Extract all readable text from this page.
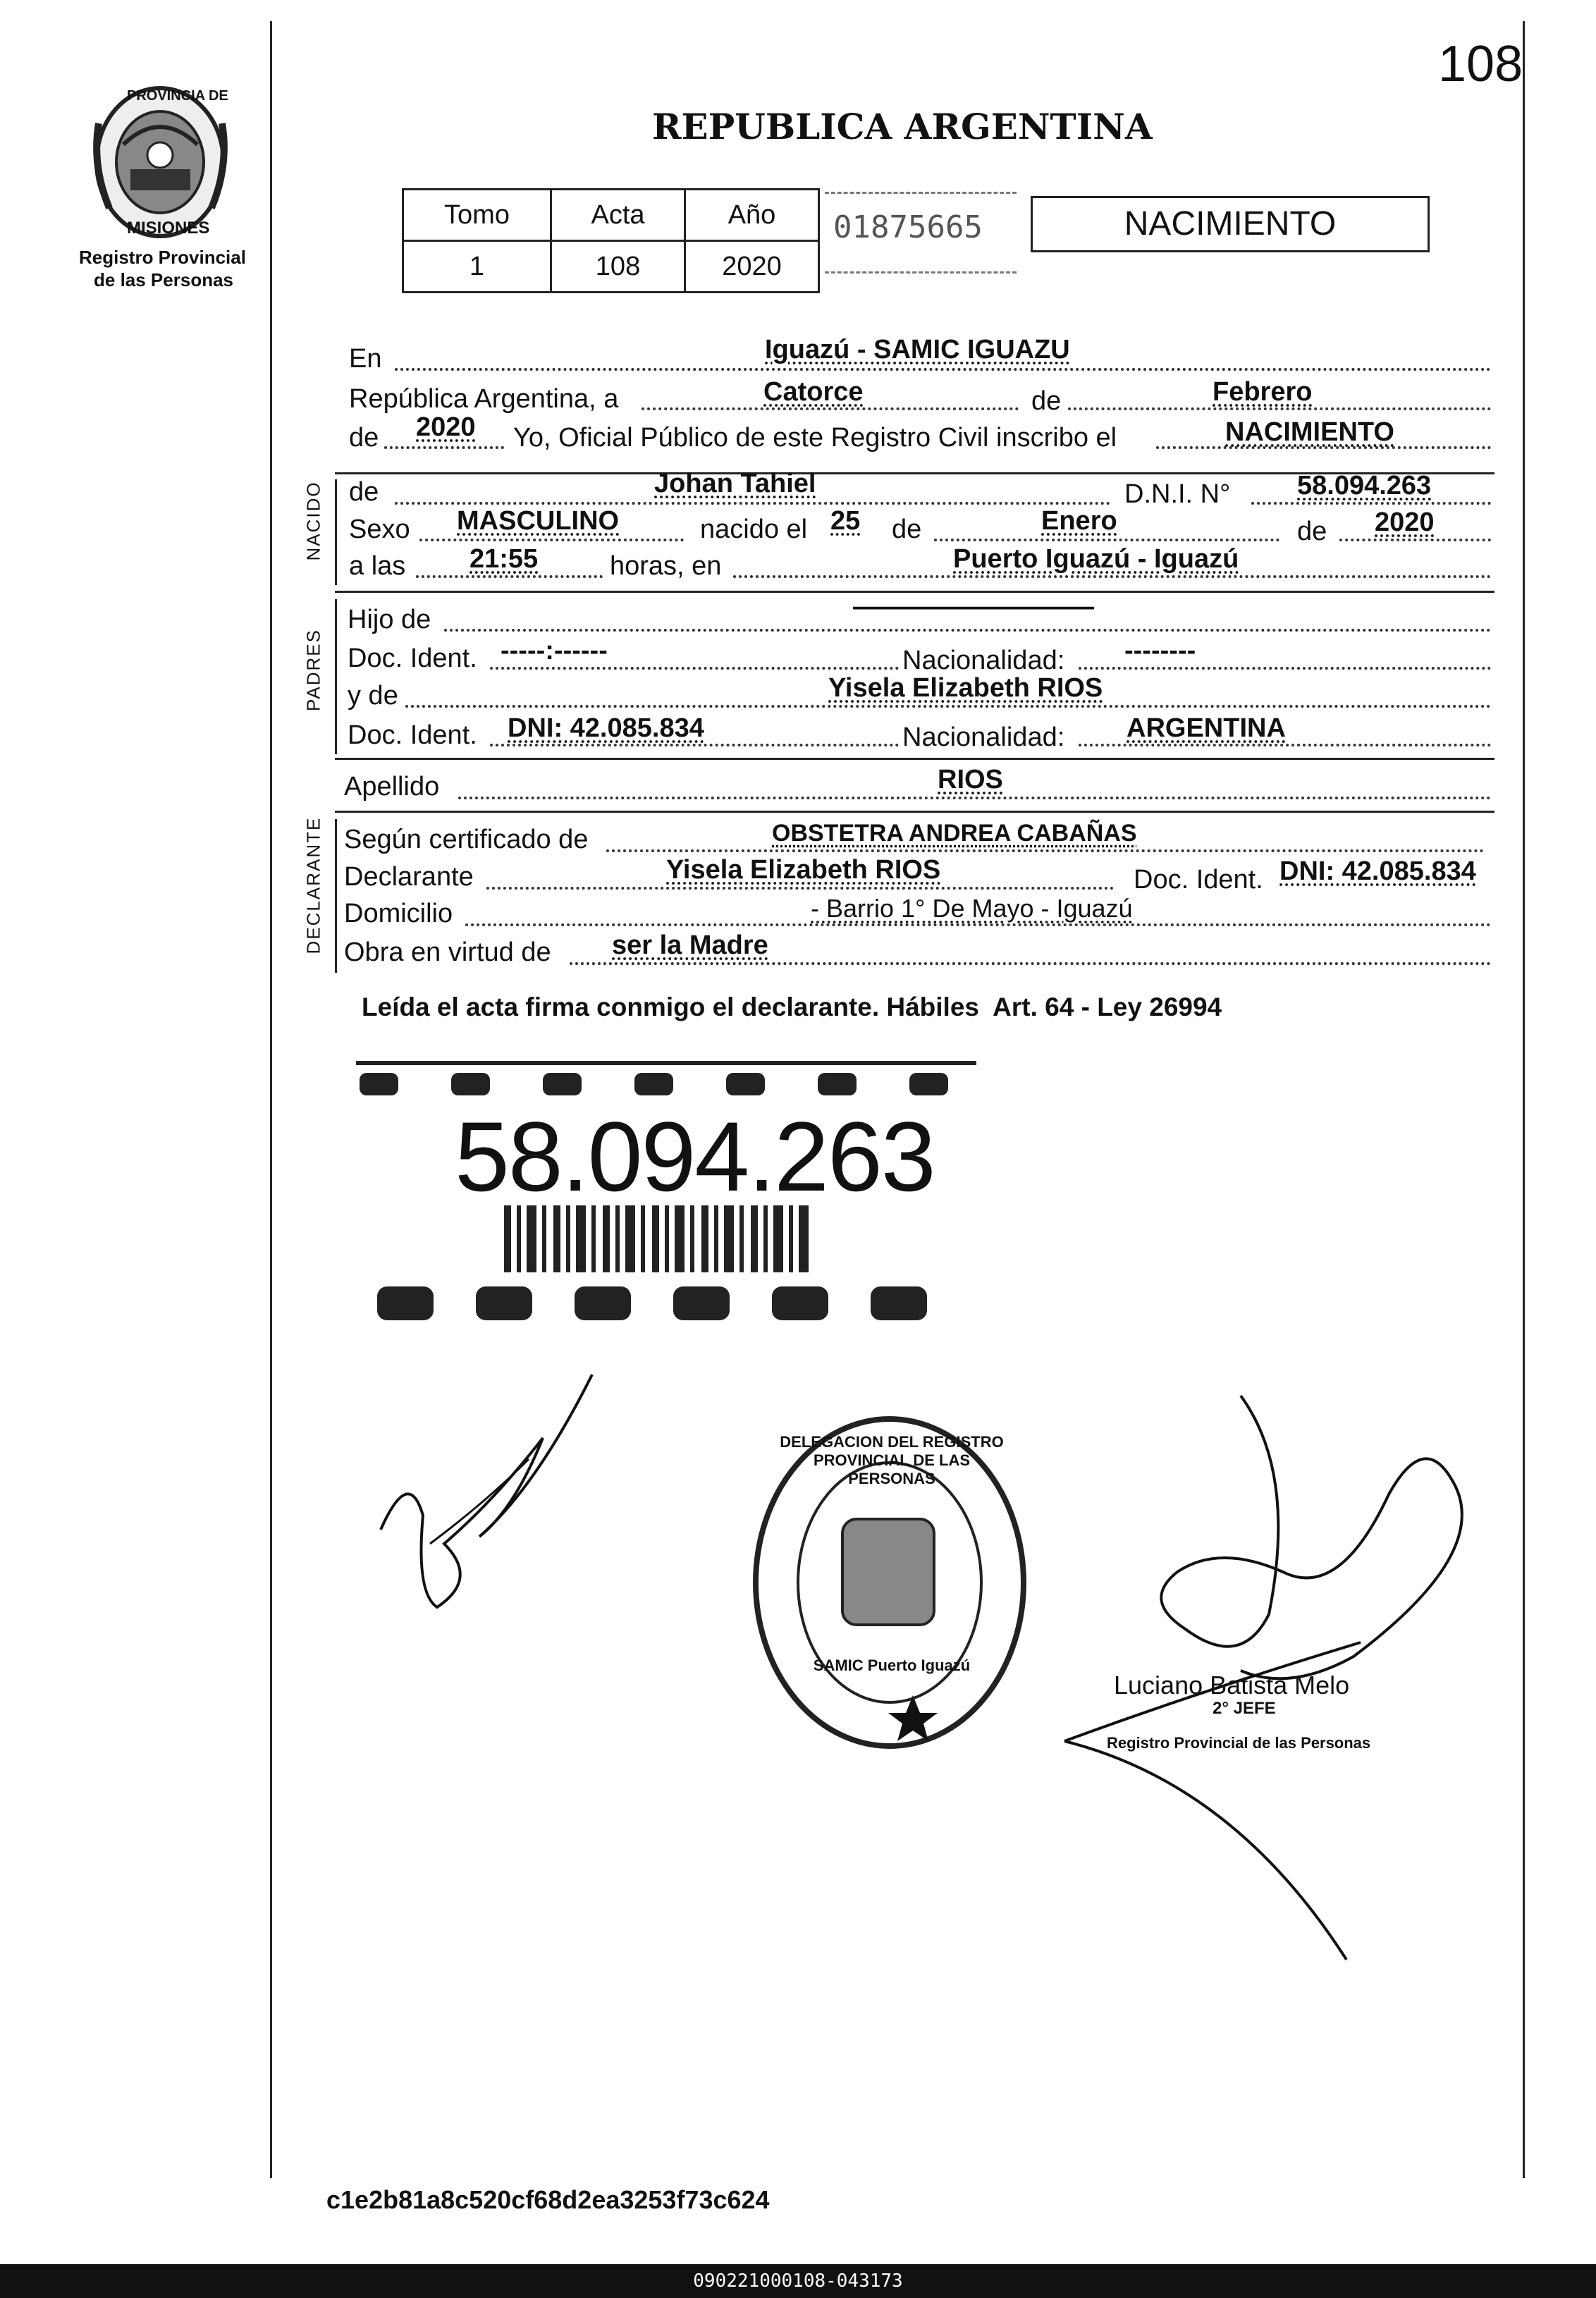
108
PROVINCIA DE
MISIONES
Registro Provincial
de las Personas
REPUBLICA ARGENTINA
Tomo	Acta	Año
1	108	2020
01875665	NACIMIENTO
En	Iguazú - SAMIC IGUAZU
República Argentina, a	Catorce	de	Febrero
de 2020 Yo, Oficial Público de este Registro Civil inscribo el	NACIMIENTO
NACIDO de	Johan Tahiel	D.N.I. N° 58.094.263
Sexo MASCULINO	nacido el 25 de	Enero	de 2020
a las 21:55	horas, en	Puerto Iguazú - Iguazú
PADRES
Hijo de	—————————
Doc. Ident. -----:------	Nacionalidad: --------
y de	Yisela Elizabeth RIOS
Doc. Ident. DNI: 42.085.834	Nacionalidad: ARGENTINA
Apellido	RIOS
DECLARANTE Según certificado de	OBSTETRA ANDREA CABAÑAS
Declarante	Yisela Elizabeth RIOS	Doc. Ident. DNI: 42.085.834
Domicilio	- Barrio 1° De Mayo - Iguazú
Obra en virtud de ser la Madre
Leída el acta firma conmigo el declarante. Hábiles  Art. 64 - Ley 26994
58.094.263
DELEGACION DEL REGISTRO PROVINCIAL DE LAS PERSONAS
SAMIC Puerto Iguazú
Luciano Batista Melo
2° JEFE
Registro Provincial de las Personas
c1e2b81a8c520cf68d2ea3253f73c624
090221000108-043173
